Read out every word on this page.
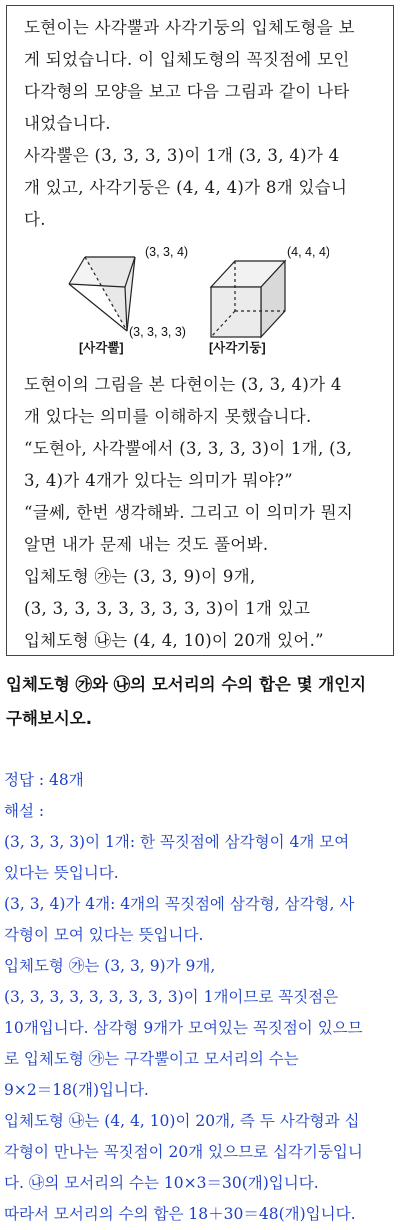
도현이는 사각뿔과 사각기둥의 입체도형을 보
게 되었습니다. 이 입체도형의 꼭짓점에 모인
다각형의 모양을 보고 다음 그림과 같이 나타
내었습니다.
사각뿔은 (3, 3, 3, 3)이 1개 (3, 3, 4)가 4
개 있고, 사각기둥은 (4, 4, 4)가 8개 있습니
다.
(3, 3, 4)
(3, 3, 3, 3)
[사각뿔]
(4, 4, 4)
[사각기둥]
도현이의 그림을 본 다현이는 (3, 3, 4)가 4
개 있다는 의미를 이해하지 못했습니다.
“도현아, 사각뿔에서 (3, 3, 3, 3)이 1개, (3,
3, 4)가 4개가 있다는 의미가 뭐야?”
“글쎄, 한번 생각해봐. 그리고 이 의미가 뭔지
알면 내가 문제 내는 것도 풀어봐.
입체도형 ㉮는 (3, 3, 9)이 9개,
(3, 3, 3, 3, 3, 3, 3, 3, 3)이 1개 있고
입체도형 ㉯는 (4, 4, 10)이 20개 있어.”
입체도형 ㉮와 ㉯의 모서리의 수의 합은 몇 개인지
구해보시오.
정답 : 48개
해설 :
(3, 3, 3, 3)이 1개: 한 꼭짓점에 삼각형이 4개 모여
있다는 뜻입니다.
(3, 3, 4)가 4개: 4개의 꼭짓점에 삼각형, 삼각형, 사
각형이 모여 있다는 뜻입니다.
입체도형 ㉮는 (3, 3, 9)가 9개,
(3, 3, 3, 3, 3, 3, 3, 3, 3)이 1개이므로 꼭짓점은
10개입니다. 삼각형 9개가 모여있는 꼭짓점이 있으므
로 입체도형 ㉮는 구각뿔이고 모서리의 수는
9×2＝18(개)입니다.
입체도형 ㉯는 (4, 4, 10)이 20개, 즉 두 사각형과 십
각형이 만나는 꼭짓점이 20개 있으므로 십각기둥입니
다. ㉯의 모서리의 수는 10×3＝30(개)입니다.
따라서 모서리의 수의 합은 18＋30＝48(개)입니다.
